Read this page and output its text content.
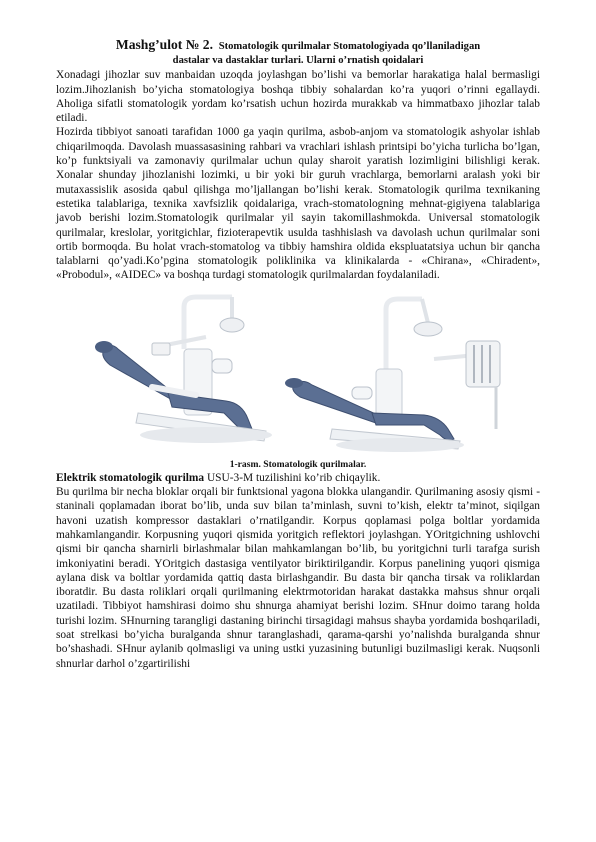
Mashg’ulot № 2. Stomatologik qurilmalar Stomatologiyada qo’llaniladigan
dastalar va dastaklar turlari. Ularni o’rnatish qoidalari

Xonadagi jihozlar suv manbaidan uzoqda joylashgan bo’lishi va bemorlar harakatiga halal bermasligi lozim.Jihozlanish bo’yicha stomatologiya boshqa tibbiy sohalardan ko’ra yuqori o’rinni egallaydi. Aholiga sifatli stomatologik yordam ko’rsatish uchun hozirda murakkab va himmatbaxo jihozlar talab etiladi.

Hozirda tibbiyot sanoati tarafidan 1000 ga yaqin qurilma, asbob-anjom va stomatologik ashyolar ishlab chiqarilmoqda. Davolash muassasasining rahbari va vrachlari ishlash printsipi bo’yicha turlicha bo’lgan, ko’p funktsiyali va zamonaviy qurilmalar uchun qulay sharoit yaratish lozimligini bilishligi kerak. Xonalar shunday jihozlanishi lozimki, u bir yoki bir guruh vrachlarga, bemorlarni aralash yoki bir mutaxassislik asosida qabul qilishga mo’ljallangan bo’lishi kerak. Stomatologik qurilma texnikaning estetika talablariga, texnika xavfsizlik qoidalariga, vrach-stomatologning mehnat-gigiyena talablariga javob berishi lozim.Stomatologik qurilmalar yil sayin takomillashmokda. Universal stomatologik qurilmalar, kreslolar, yoritgichlar, fizioterapevtik usulda tashhislash va davolash uchun qurilmalar soni ortib bormoqda. Bu holat vrach-stomatolog va tibbiy hamshira oldida ekspluatatsiya uchun bir qancha talablarni qo’yadi.Ko’pgina stomatologik poliklinika va klinikalarda - «Chirana», «Chiradent», «Probodul», «AIDEC» va boshqa turdagi stomatologik qurilmalardan foydalaniladi.

1-rasm. Stomatologik qurilmalar.

Elektrik stomatologik qurilma USU-3-M tuzilishini ko’rib chiqaylik.

Bu qurilma bir necha bloklar orqali bir funktsional yagona blokka ulangandir. Qurilmaning asosiy qismi - staninali qoplamadan iborat bo’lib, unda suv bilan ta’minlash, suvni to’kish, elektr ta’minot, siqilgan havoni uzatish kompressor dastaklari o’rnatilgandir. Korpus qoplamasi polga boltlar yordamida mahkamlangandir. Korpusning yuqori qismida yoritgich reflektori joylashgan. YOritgichning ushlovchi qismi bir qancha sharnirli birlashmalar bilan mahkamlangan bo’lib, bu yoritgichni turli tarafga surish imkoniyatini beradi. YOritgich dastasiga ventilyator biriktirilgandir. Korpus panelining yuqori qismiga aylana disk va boltlar yordamida qattiq dasta birlashgandir. Bu dasta bir qancha tirsak va roliklardan iboratdir. Bu dasta roliklari orqali qurilmaning elektrmotoridan harakat dastakka mahsus shnur orqali uzatiladi. Tibbiyot hamshirasi doimo shu shnurga ahamiyat berishi lozim. SHnur doimo tarang holda turishi lozim. SHnurning tarangligi dastaning birinchi tirsagidagi mahsus shayba yordamida boshqariladi, soat strelkasi bo’yicha buralganda shnur taranglashadi, qarama-qarshi yo’nalishda buralganda shnur bo’shashadi. SHnur aylanib qolmasligi va uning ustki yuzasining butunligi buzilmasligi kerak. Nuqsonli shnurlar darhol o’zgartirilishi
